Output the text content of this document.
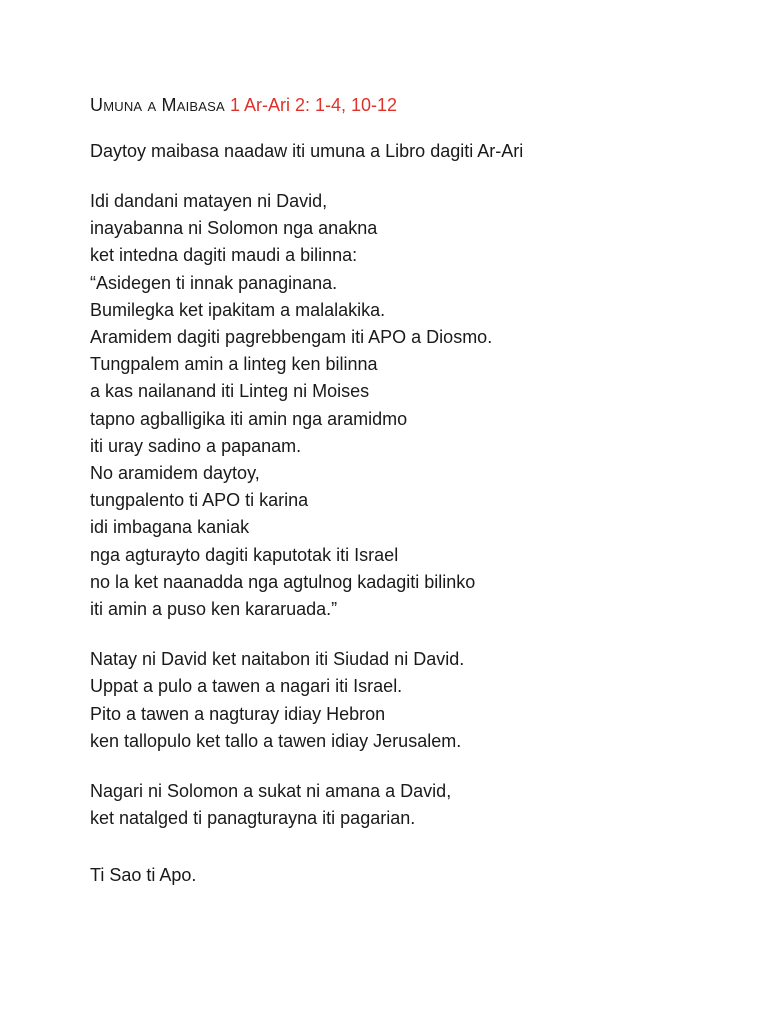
Umuna a Maibasa 1 Ar-Ari 2: 1-4, 10-12
Daytoy maibasa naadaw iti umuna a Libro dagiti Ar-Ari
Idi dandani matayen ni David,
inayabanna ni Solomon nga anakna
ket intedna dagiti maudi a bilinna:
“Asidegen ti innak panaginana.
Bumilegka ket ipakitam a malalakika.
Aramidem dagiti pagrebbengam iti APO a Diosmo.
Tungpalem amin a linteg ken bilinna
a kas nailanand iti Linteg ni Moises
tapno agballigika iti amin nga aramidmo
iti uray sadino a papanam.
No aramidem daytoy,
tungpalento ti APO ti karina
idi imbagana kaniak
nga agturayto dagiti kaputotak iti Israel
no la ket naanadda nga agtulnog kadagiti bilinko
iti amin a puso ken kararuada.”
Natay ni David ket naitabon iti Siudad ni David.
Uppat a pulo a tawen a nagari iti Israel.
Pito a tawen a nagturay idiay Hebron
ken tallopulo ket tallo a tawen idiay Jerusalem.
Nagari ni Solomon a sukat ni amana a David,
ket natalged ti panagturayna iti pagarian.
Ti Sao ti Apo.
